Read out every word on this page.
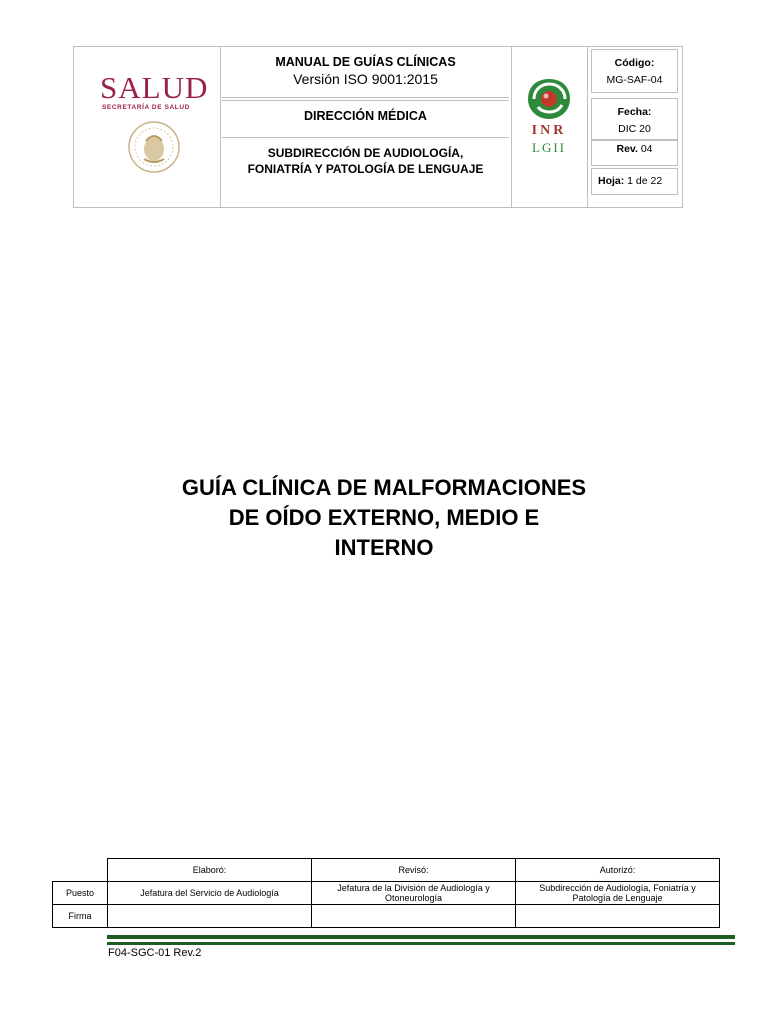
SALUD
SECRETARÍA DE SALUD
MANUAL DE GUÍAS CLÍNICAS
Versión ISO 9001:2015
DIRECCIÓN MÉDICA
SUBDIRECCIÓN DE AUDIOLOGÍA, FONIATRÍA Y PATOLOGÍA DE LENGUAJE
INR
LGII
Código:
MG-SAF-04
Fecha:
DIC 20
Rev. 04
Hoja: 1 de 22
GUÍA CLÍNICA DE MALFORMACIONES
DE OÍDO EXTERNO, MEDIO E
INTERNO
	Elaboró:	Revisó:	Autorizó:
Puesto	Jefatura del Servicio de Audiología	Jefatura de la División de Audiología y Otoneurología	Subdirección de Audiología, Foniatría y Patología de Lenguaje
Firma			
F04-SGC-01 Rev.2
